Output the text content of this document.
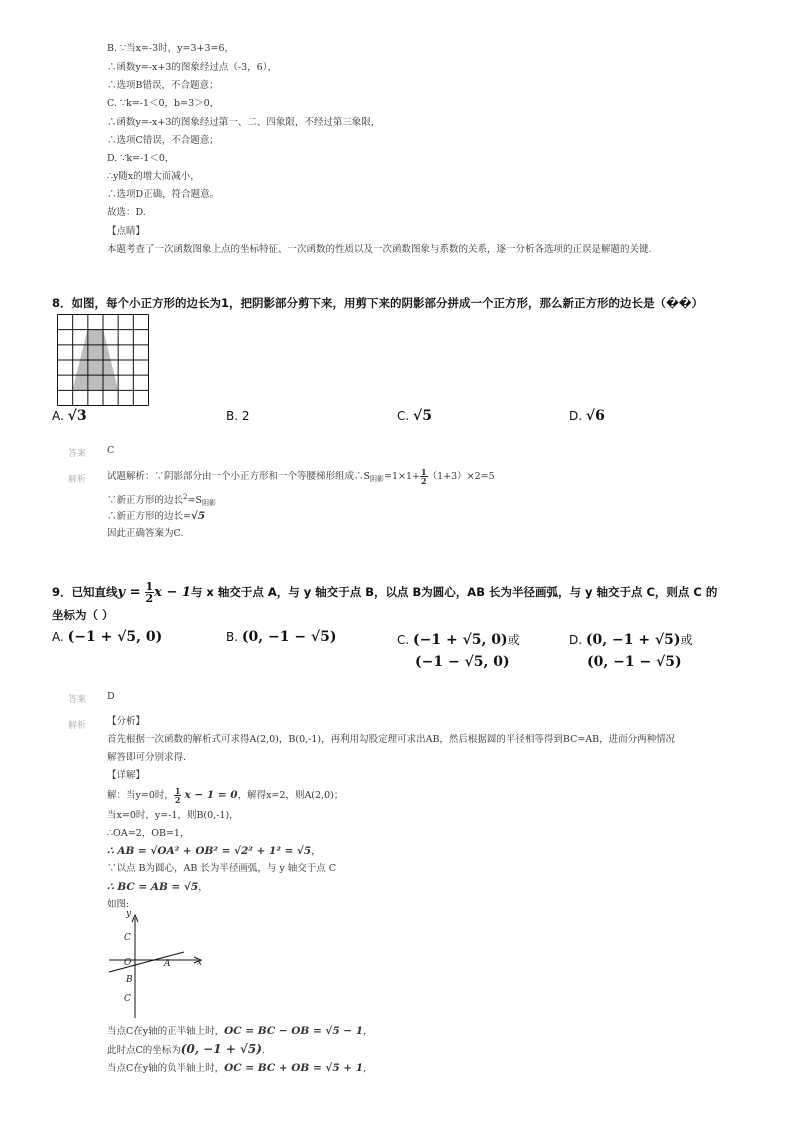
B. ∵当x=-3时，y=3+3=6，
∴函数y=-x+3的图象经过点（-3，6），
∴选项B错误，不合题意；
C. ∵k=-1＜0，b=3＞0，
∴函数y=-x+3的图象经过第一、二、四象限，不经过第三象限，
∴选项C错误，不合题意；
D. ∵k=-1＜0，
∴y随x的增大而减小，
∴选项D正确，符合题意。
故选：D.
【点睛】
本题考查了一次函数图象上点的坐标特征、一次函数的性质以及一次函数图象与系数的关系，逐一分析各选项的正误是解题的关键.
8．如图，每个小正方形的边长为1，把阴影部分剪下来，用剪下来的阴影部分拼成一个正方形，那么新正方形的边长是（��）
A. √3	B. 2	C. √5	D. √6
答案 C
解析 试题解析：∵阴影部分由一个小正方形和一个等腰梯形组成$\therefore S_{阴影}=1\times 1+ \frac{1}{2} (1+3)\times 2=5$
∵新正方形的边长$^2=S_{阴影}$
∴新正方形的边长=√5
因此正确答案为C.
9．已知直线$y = \frac{1}{2}$ x − 1与 x 轴交于点 A，与 y 轴交于点 B，以点 B为圆心，AB 长为半径画弧，与 y 轴交于点 C，则点 C 的
坐标为（ ）
A. (−1 + √5, 0)	B. (0, −1 − √5)	C. (−1 + √5, 0)或
(−1 − √5, 0)
D. (0, −1 + √5)或
(0, −1 − √5)
答案 D
解析 【分析】
首先根据一次函数的解析式可求得A(2,0)，B(0,-1)，再利用勾股定理可求出AB，然后根据圆的半径相等得到BC=AB，进而分两种情况
解答即可分别求得.
【详解】
解：当y=0时， $\frac{1}{2}$ x − 1 = 0，解得x=2，则A(2,0)；
当x=0时，y=-1，则B(0,-1)，
∴OA=2，OB=1，
∴ AB = √OA² + OB² = √2² + 1² = √5，
∵以点 B为圆心，AB 长为半径画弧，与 y 轴交于点 C
∴ BC = AB = √5，
如图:
y
x
C
O	A
B
C
当点C在y轴的正半轴上时，OC = BC − OB = √5 − 1，
此时点C的坐标为(0, −1 + √5).
当点C在y轴的负半轴上时，OC = BC + OB = √5 + 1,
